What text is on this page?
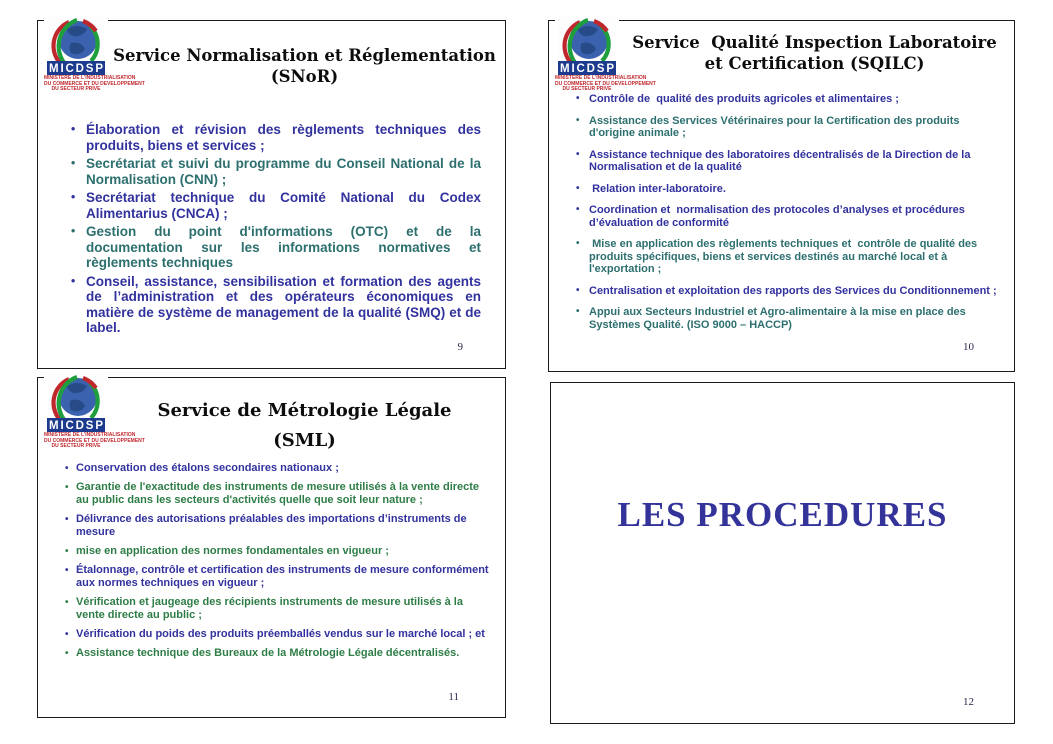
MICDSP
MINISTERE DE L'INDUSTRIALISATION
DU COMMERCE ET DU DEVELOPPEMENT
DU SECTEUR PRIVE
Service Normalisation et Réglementation
(SNoR)
• Élaboration et révision des règlements techniques des produits, biens et services ;
• Secrétariat et suivi du programme du Conseil National de la Normalisation (CNN) ;
• Secrétariat technique du Comité National du Codex Alimentarius (CNCA) ;
• Gestion du point d'informations (OTC) et de la documentation sur les informations normatives et règlements techniques
• Conseil, assistance, sensibilisation et formation des agents de l’administration et des opérateurs économiques en matière de système de management de la qualité (SMQ) et de label.
9
MICDSP
MINISTERE DE L'INDUSTRIALISATION
DU COMMERCE ET DU DEVELOPPEMENT
DU SECTEUR PRIVE
Service  Qualité Inspection Laboratoire
et Certification (SQILC)
• Contrôle de  qualité des produits agricoles et alimentaires ;
• Assistance des Services Vétérinaires pour la Certification des produits d'origine animale ;
• Assistance technique des laboratoires décentralisés de la Direction de la Normalisation et de la qualité
•  Relation inter-laboratoire.
• Coordination et  normalisation des protocoles d’analyses et procédures d’évaluation de conformité
•  Mise en application des règlements techniques et  contrôle de qualité des produits spécifiques, biens et services destinés au marché local et à l'exportation ;
• Centralisation et exploitation des rapports des Services du Conditionnement ;
• Appui aux Secteurs Industriel et Agro-alimentaire à la mise en place des Systèmes Qualité. (ISO 9000 – HACCP)
10
MICDSP
MINISTERE DE L'INDUSTRIALISATION
DU COMMERCE ET DU DEVELOPPEMENT
DU SECTEUR PRIVE
Service de Métrologie Légale
(SML)
• Conservation des étalons secondaires nationaux ;
• Garantie de l'exactitude des instruments de mesure utilisés à la vente directe au public dans les secteurs d'activités quelle que soit leur nature ;
• Délivrance des autorisations préalables des importations d’instruments de mesure
• mise en application des normes fondamentales en vigueur ;
• Étalonnage, contrôle et certification des instruments de mesure conformément aux normes techniques en vigueur ;
• Vérification et jaugeage des récipients instruments de mesure utilisés à la vente directe au public ;
• Vérification du poids des produits préemballés vendus sur le marché local ; et
• Assistance technique des Bureaux de la Métrologie Légale décentralisés.
11
LES PROCEDURES
12
